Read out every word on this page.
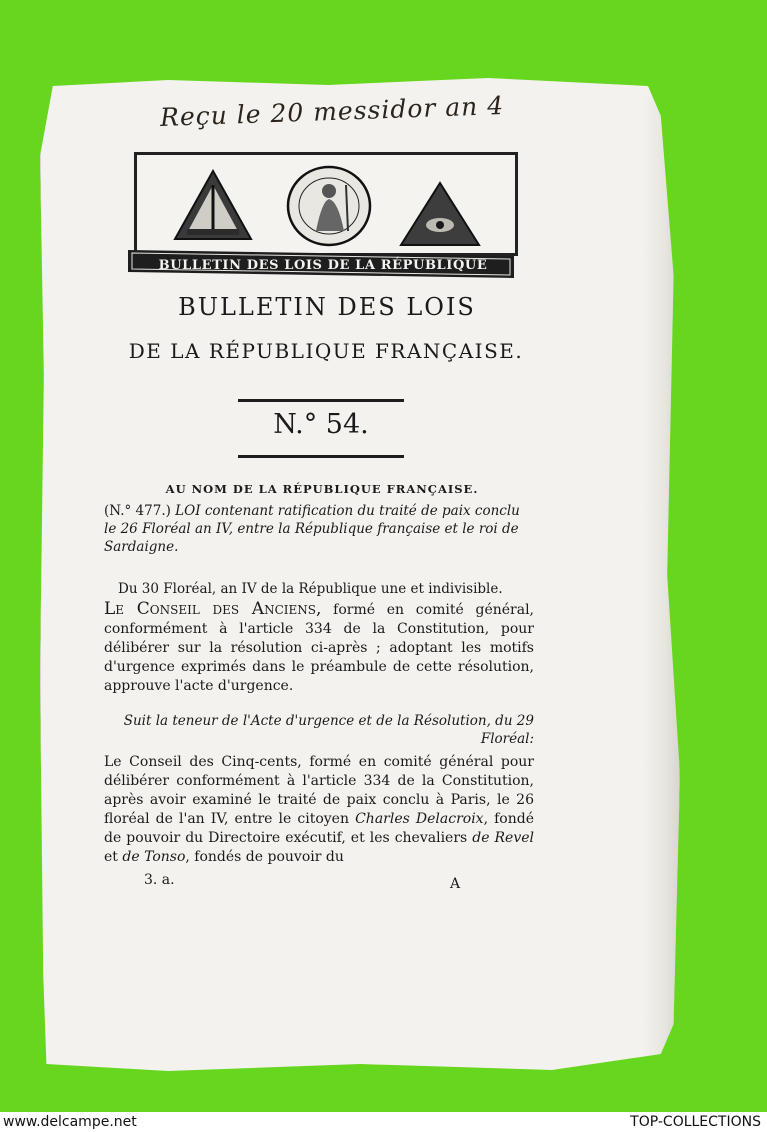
Reçu le 20 messidor an 4
BULLETIN DES LOIS DE LA RÉPUBLIQUE
BULLETIN DES LOIS
DE LA RÉPUBLIQUE FRANÇAISE.
N.° 54.
AU NOM DE LA RÉPUBLIQUE FRANÇAISE.
(N.° 477.) LOI contenant ratification du traité de paix conclu le 26 Floréal an IV, entre la République française et le roi de Sardaigne.
Du 30 Floréal, an IV de la République une et indivisible.
Le Conseil des Anciens, formé en comité général, conformément à l'article 334 de la Constitution, pour délibérer sur la résolution ci-après ; adoptant les motifs d'urgence exprimés dans le préambule de cette résolution, approuve l'acte d'urgence.
Suit la teneur de l'Acte d'urgence et de la Résolution, du 29 Floréal:
Le Conseil des Cinq-cents, formé en comité général pour délibérer conformément à l'article 334 de la Constitution, après avoir examiné le traité de paix conclu à Paris, le 26 floréal de l'an IV, entre le citoyen Charles Delacroix, fondé de pouvoir du Directoire exécutif, et les chevaliers de Revel et de Tonso, fondés de pouvoir du
3. a.	A
www.delcampe.net	TOP-COLLECTIONS
